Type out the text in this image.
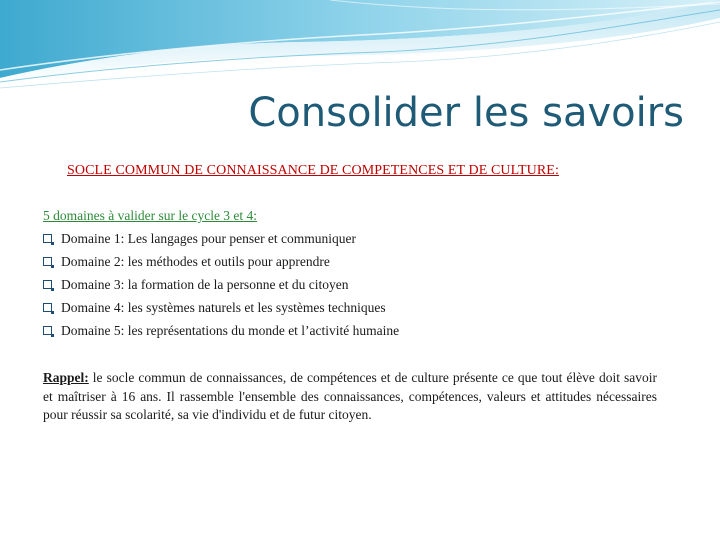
Consolider les savoirs
SOCLE COMMUN DE CONNAISSANCE DE COMPETENCES ET DE CULTURE:
5 domaines à valider sur le cycle 3 et 4:
Domaine 1: Les langages pour penser et communiquer
Domaine 2: les méthodes et outils pour apprendre
Domaine 3: la formation de la personne et du citoyen
Domaine 4: les systèmes naturels et les systèmes techniques
Domaine 5: les représentations du monde et l’activité humaine
Rappel: le socle commun de connaissances, de compétences et de culture présente ce que tout élève doit savoir et maîtriser à 16 ans. Il rassemble l'ensemble des connaissances, compétences, valeurs et attitudes nécessaires pour réussir sa scolarité, sa vie d'individu et de futur citoyen.
